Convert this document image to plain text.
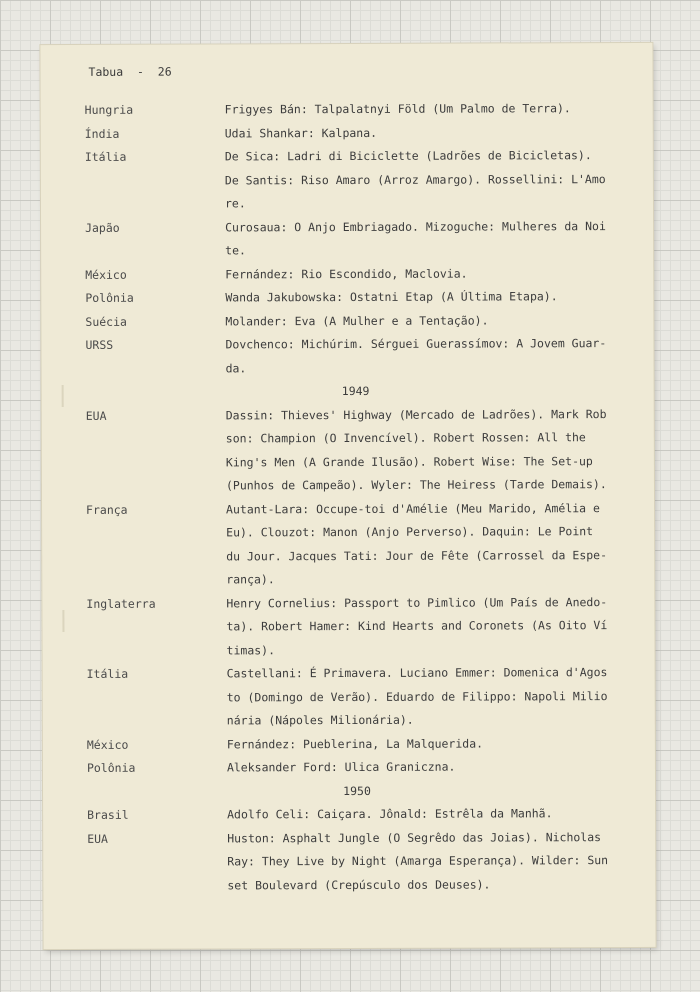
Tabua  -  26
Hungria	Frigyes Bán: Talpalatnyi Föld (Um Palmo de Terra).
Índia	Udai Shankar: Kalpana.
Itália	De Sica: Ladri di Biciclette (Ladrões de Bicicletas).
De Santis: Riso Amaro (Arroz Amargo). Rossellini: L'Amo
re.
Japão	Curosaua: O Anjo Embriagado. Mizoguche: Mulheres da Noi
te.
México	Fernández: Rio Escondido, Maclovia.
Polônia	Wanda Jakubowska: Ostatni Etap (A Última Etapa).
Suécia	Molander: Eva (A Mulher e a Tentação).
URSS	Dovchenco: Michúrim. Sérguei Guerassímov: A Jovem Guar-
da.
1949
EUA	Dassin: Thieves' Highway (Mercado de Ladrões). Mark Rob
son: Champion (O Invencível). Robert Rossen: All the
King's Men (A Grande Ilusão). Robert Wise: The Set-up
(Punhos de Campeão). Wyler: The Heiress (Tarde Demais).
França	Autant-Lara: Occupe-toi d'Amélie (Meu Marido, Amélia e
Eu). Clouzot: Manon (Anjo Perverso). Daquin: Le Point
du Jour. Jacques Tati: Jour de Fête (Carrossel da Espe-
rança).
Inglaterra	Henry Cornelius: Passport to Pimlico (Um País de Anedo-
ta). Robert Hamer: Kind Hearts and Coronets (As Oito Ví
timas).
Itália	Castellani: É Primavera. Luciano Emmer: Domenica d'Agos
to (Domingo de Verão). Eduardo de Filippo: Napoli Milio
nária (Nápoles Milionária).
México	Fernández: Pueblerina, La Malquerida.
Polônia	Aleksander Ford: Ulica Graniczna.
1950
Brasil	Adolfo Celi: Caiçara. Jônald: Estrêla da Manhã.
EUA	Huston: Asphalt Jungle (O Segrêdo das Joias). Nicholas
Ray: They Live by Night (Amarga Esperança). Wilder: Sun
set Boulevard (Crepúsculo dos Deuses).
